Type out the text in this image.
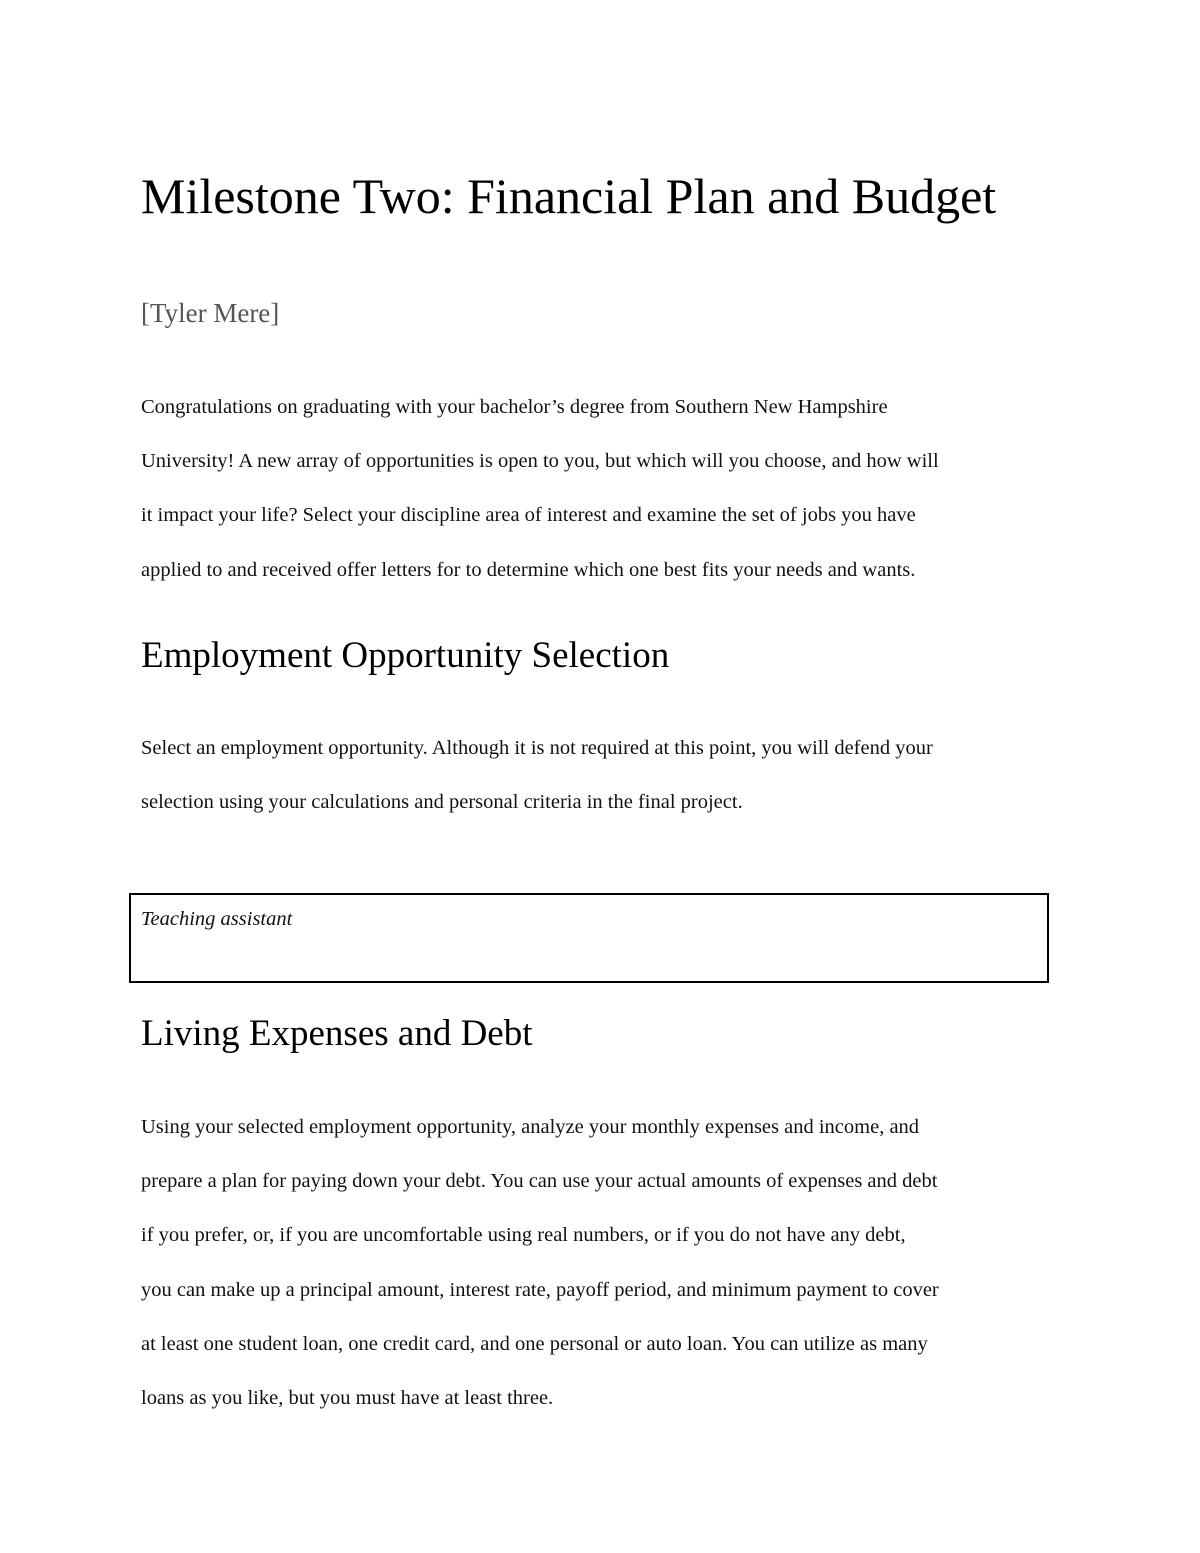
Milestone Two: Financial Plan and Budget

[Tyler Mere]

Congratulations on graduating with your bachelor’s degree from Southern New Hampshire
University! A new array of opportunities is open to you, but which will you choose, and how will
it impact your life? Select your discipline area of interest and examine the set of jobs you have
applied to and received offer letters for to determine which one best fits your needs and wants.

Employment Opportunity Selection

Select an employment opportunity. Although it is not required at this point, you will defend your
selection using your calculations and personal criteria in the final project.

Teaching assistant
Living Expenses and Debt

Using your selected employment opportunity, analyze your monthly expenses and income, and
prepare a plan for paying down your debt. You can use your actual amounts of expenses and debt
if you prefer, or, if you are uncomfortable using real numbers, or if you do not have any debt,
you can make up a principal amount, interest rate, payoff period, and minimum payment to cover
at least one student loan, one credit card, and one personal or auto loan. You can utilize as many
loans as you like, but you must have at least three.
